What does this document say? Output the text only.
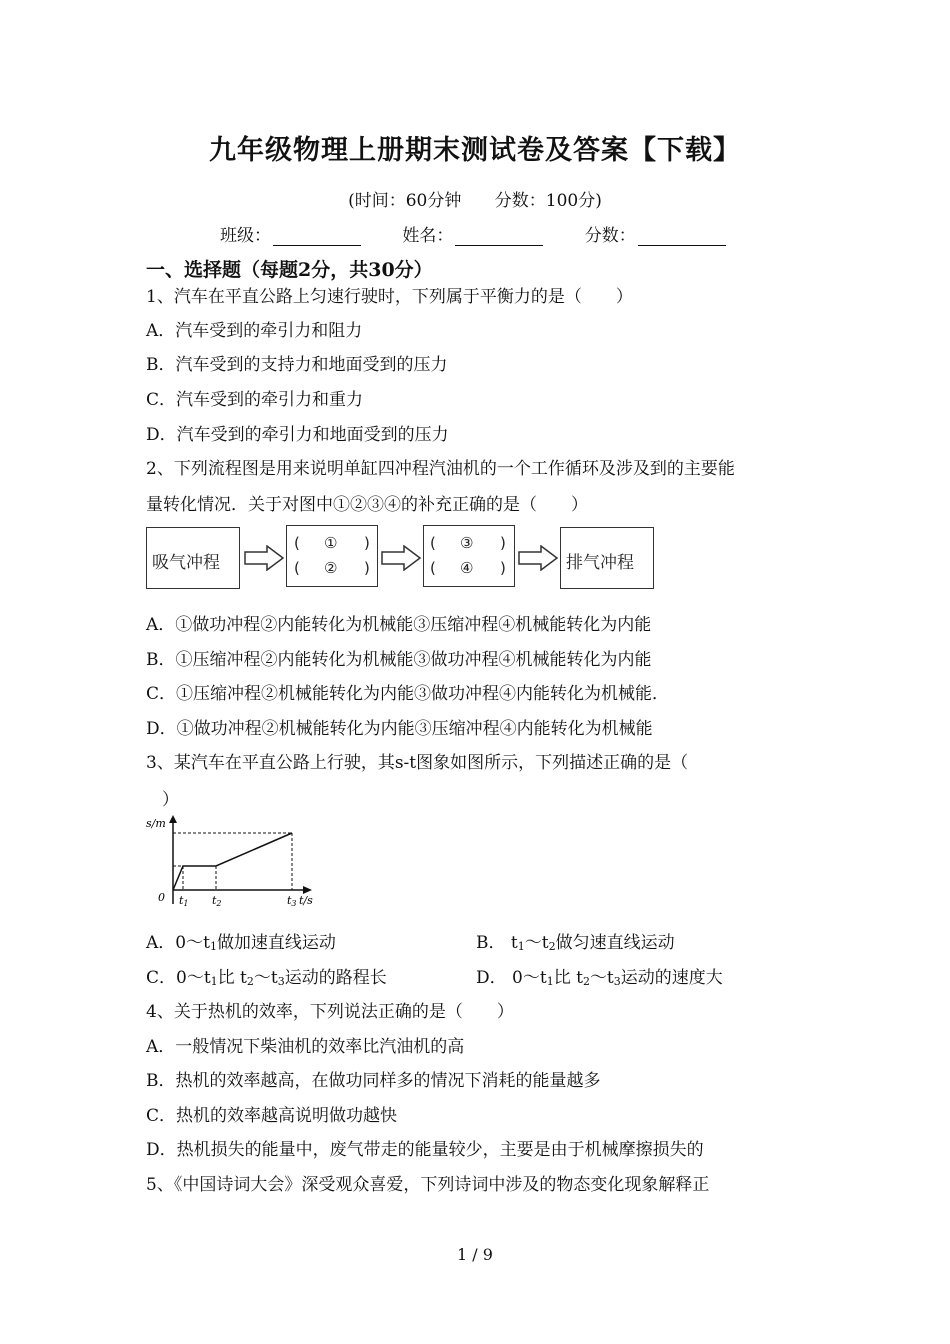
九年级物理上册期末测试卷及答案【下载】
(时间：60分钟 分数：100分)
班级：	姓名：	分数：
一、选择题（每题2分，共30分）
1、汽车在平直公路上匀速行驶时，下列属于平衡力的是（　　）
A．汽车受到的牵引力和阻力
B．汽车受到的支持力和地面受到的压力
C．汽车受到的牵引力和重力
D．汽车受到的牵引力和地面受到的压力
2、下列流程图是用来说明单缸四冲程汽油机的一个工作循环及涉及到的主要能
量转化情况．关于对图中①②③④的补充正确的是（　　）
吸气冲程
( ① )
( ② )
( ③ )
( ④ )	排气冲程
A．①做功冲程②内能转化为机械能③压缩冲程④机械能转化为内能
B．①压缩冲程②内能转化为机械能③做功冲程④机械能转化为内能
C．①压缩冲程②机械能转化为内能③做功冲程④内能转化为机械能．
D．①做功冲程②机械能转化为内能③压缩冲程④内能转化为机械能
3、某汽车在平直公路上行驶，其s-t图象如图所示，下列描述正确的是（
）
s/m
0 t1 t2	t3 t/s
A．0～t1做加速直线运动	B． t1～t2做匀速直线运动
C．0～t1比 t2～t3运动的路程长	D． 0～t1比 t2～t3运动的速度大
4、关于热机的效率，下列说法正确的是（　　）
A．一般情况下柴油机的效率比汽油机的高
B．热机的效率越高，在做功同样多的情况下消耗的能量越多
C．热机的效率越高说明做功越快
D．热机损失的能量中，废气带走的能量较少，主要是由于机械摩擦损失的
5、《中国诗词大会》深受观众喜爱，下列诗词中涉及的物态变化现象解释正
1 / 9
